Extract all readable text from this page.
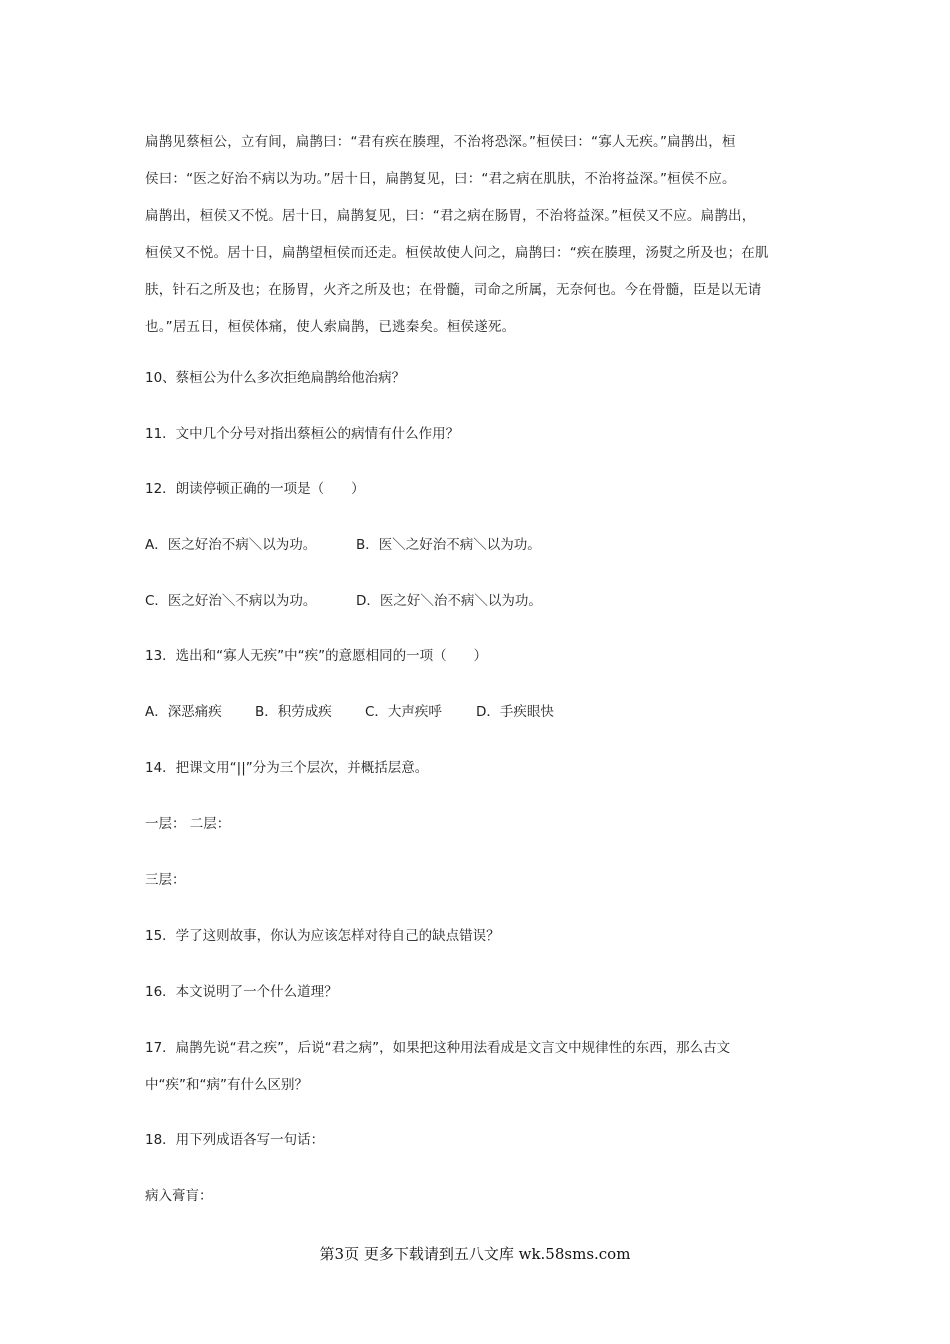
扁鹊见蔡桓公，立有间，扁鹊曰：“君有疾在腠理，不治将恐深。”桓侯曰：“寡人无疾。”扁鹊出，桓
侯曰：“医之好治不病以为功。”居十日，扁鹊复见，曰：“君之病在肌肤，不治将益深。”桓侯不应。
扁鹊出，桓侯又不悦。居十日，扁鹊复见，曰：“君之病在肠胃，不治将益深。”桓侯又不应。扁鹊出，
桓侯又不悦。居十日，扁鹊望桓侯而还走。桓侯故使人问之，扁鹊曰：“疾在腠理，汤熨之所及也；在肌
肤，针石之所及也；在肠胃，火齐之所及也；在骨髓，司命之所属，无奈何也。今在骨髓，臣是以无请
也。”居五日，桓侯体痛，使人索扁鹊，已逃秦矣。桓侯遂死。
10、蔡桓公为什么多次拒绝扁鹊给他治病？
11．文中几个分号对指出蔡桓公的病情有什么作用？
12．朗读停顿正确的一项是（　　）
A．医之好治不病＼以为功。	B．医＼之好治不病＼以为功。
C．医之好治＼不病以为功。	D．医之好＼治不病＼以为功。
13．选出和“寡人无疾”中“疾”的意愿相同的一项（　　）
A．深恶痛疾 B．积劳成疾 C．大声疾呼	D．手疾眼快
14．把课文用“||”分为三个层次，并概括层意。
一层： 二层：
三层：
15．学了这则故事，你认为应该怎样对待自己的缺点错误？
16．本文说明了一个什么道理？
17．扁鹊先说“君之疾”，后说“君之病”，如果把这种用法看成是文言文中规律性的东西，那么古文
中“疾”和“病”有什么区别？
18．用下列成语各写一句话：
病入膏肓：
第3页 更多下载请到五八文库 wk.58sms.com
